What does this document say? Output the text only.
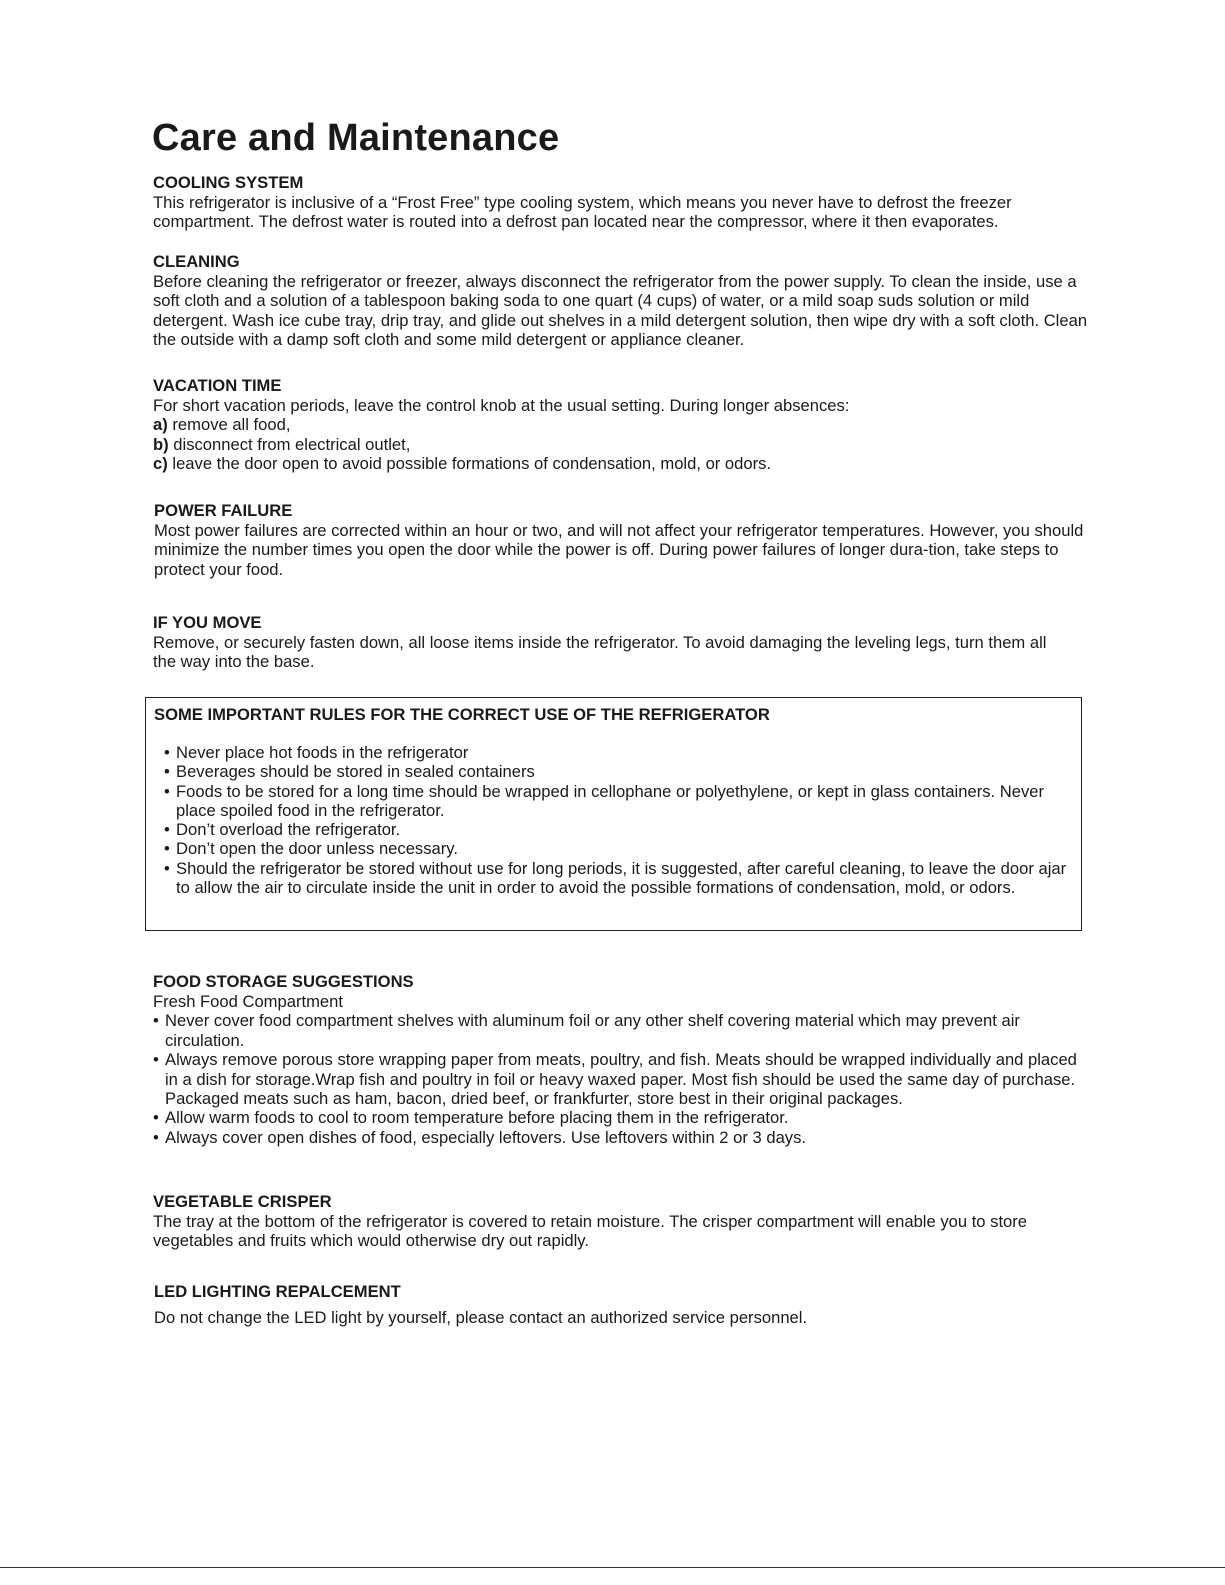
Care and Maintenance
COOLING SYSTEM

This refrigerator is inclusive of a “Frost Free” type cooling system, which means you never have to defrost the freezer compartment. The defrost water is routed into a defrost pan located near the compressor, where it then evaporates.

CLEANING

Before cleaning the refrigerator or freezer, always disconnect the refrigerator from the power supply. To clean the inside, use a soft cloth and a solution of a tablespoon baking soda to one quart (4 cups) of water, or a mild soap suds solution or mild detergent. Wash ice cube tray, drip tray, and glide out shelves in a mild detergent solution, then wipe dry with a soft cloth. Clean the outside with a damp soft cloth and some mild detergent or appliance cleaner.

VACATION TIME

For short vacation periods, leave the control knob at the usual setting. During longer absences:

a) remove all food,
b) disconnect from electrical outlet,
c) leave the door open to avoid possible formations of condensation, mold, or odors.
POWER FAILURE

Most power failures are corrected within an hour or two, and will not affect your refrigerator temperatures. However, you should minimize the number times you open the door while the power is off. During power failures of longer dura-tion, take steps to protect your food.

IF YOU MOVE

Remove, or securely fasten down, all loose items inside the refrigerator. To avoid damaging the leveling legs, turn them all the way into the base.

SOME IMPORTANT RULES FOR THE CORRECT USE OF THE REFRIGERATOR
• Never place hot foods in the refrigerator
• Beverages should be stored in sealed containers
• Foods to be stored for a long time should be wrapped in cellophane or polyethylene, or kept in glass containers. Never place spoiled food in the refrigerator.
• Don’t overload the refrigerator.
• Don’t open the door unless necessary.
• Should the refrigerator be stored without use for long periods, it is suggested, after careful cleaning, to leave the door ajar to allow the air to circulate inside the unit in order to avoid the possible formations of condensation, mold, or odors.
FOOD STORAGE SUGGESTIONS

Fresh Food Compartment

• Never cover food compartment shelves with aluminum foil or any other shelf covering material which may prevent air circulation.
• Always remove porous store wrapping paper from meats, poultry, and fish. Meats should be wrapped individually and placed in a dish for storage.Wrap fish and poultry in foil or heavy waxed paper. Most fish should be used the same day of purchase. Packaged meats such as ham, bacon, dried beef, or frankfurter, store best in their original packages.
• Allow warm foods to cool to room temperature before placing them in the refrigerator.
• Always cover open dishes of food, especially leftovers. Use leftovers within 2 or 3 days.
VEGETABLE CRISPER

The tray at the bottom of the refrigerator is covered to retain moisture. The crisper compartment will enable you to store vegetables and fruits which would otherwise dry out rapidly.

LED LIGHTING REPALCEMENT

Do not change the LED light by yourself, please contact an authorized service personnel.
